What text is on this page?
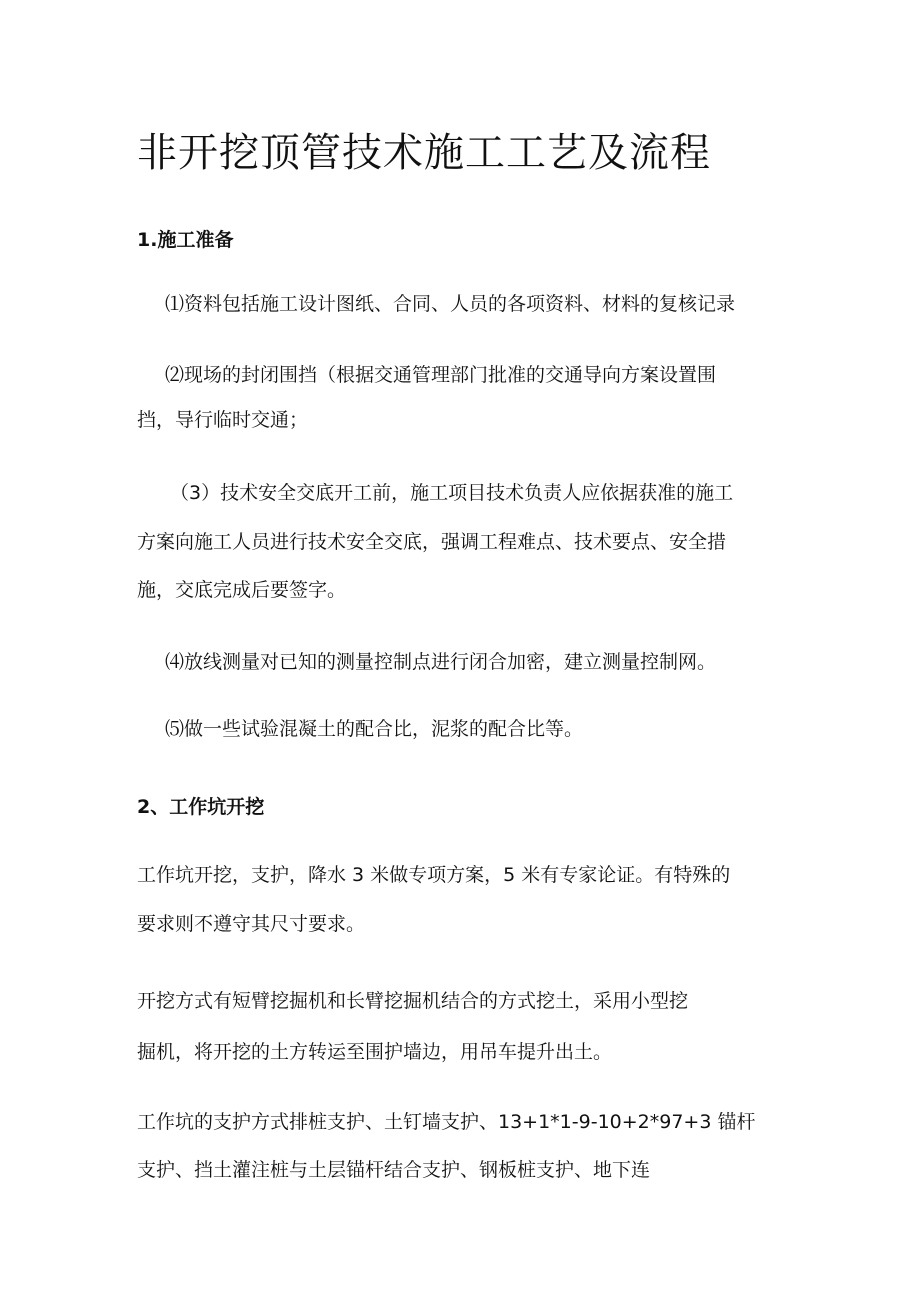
非开挖顶管技术施工工艺及流程
1.施工准备

⑴资料包括施工设计图纸、合同、人员的各项资料、材料的复核记录

⑵现场的封闭围挡（根据交通管理部门批准的交通导向方案设置围

挡，导行临时交通；

（3）技术安全交底开工前，施工项目技术负责人应依据获准的施工

方案向施工人员进行技术安全交底，强调工程难点、技术要点、安全措

施，交底完成后要签字。

⑷放线测量对已知的测量控制点进行闭合加密，建立测量控制网。

⑸做一些试验混凝土的配合比，泥浆的配合比等。

2、工作坑开挖

工作坑开挖，支护，降水 3 米做专项方案，5 米有专家论证。有特殊的

要求则不遵守其尺寸要求。

开挖方式有短臂挖掘机和长臂挖掘机结合的方式挖土，采用小型挖

掘机，将开挖的土方转运至围护墙边，用吊车提升出土。

工作坑的支护方式排桩支护、土钉墙支护、13+1*1-9-10+2*97+3 锚杆

支护、挡土灌注桩与土层锚杆结合支护、钢板桩支护、地下连
